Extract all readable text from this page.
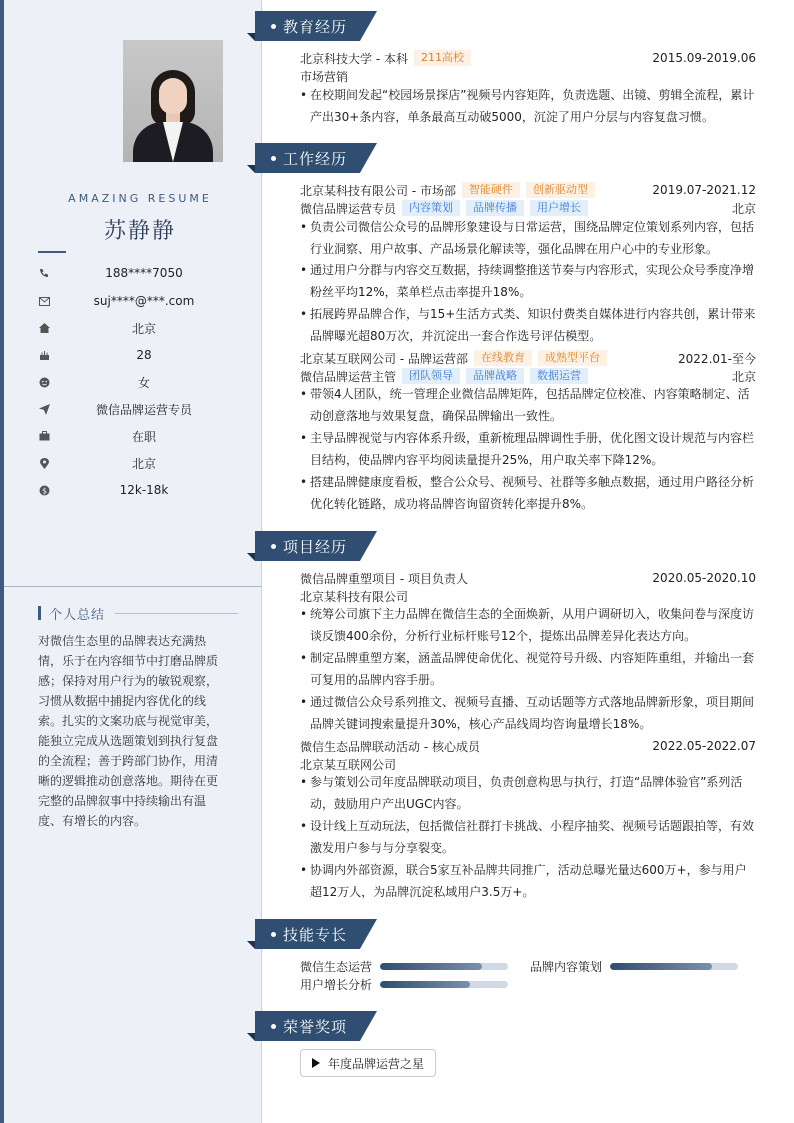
AMAZING RESUME
苏静静
188****7050
suj****@***.com
北京
28
女
微信品牌运营专员
在职
北京
$	12k-18k
个人总结
对微信生态里的品牌表达充满热情，乐于在内容细节中打磨品牌质感；保持对用户行为的敏锐观察，习惯从数据中捕捉内容优化的线索。扎实的文案功底与视觉审美，能独立完成从选题策划到执行复盘的全流程；善于跨部门协作，用清晰的逻辑推动创意落地。期待在更完整的品牌叙事中持续输出有温度、有增长的内容。
教育经历
北京科技大学 - 本科	211高校	2015.09-2019.06
市场营销
• 在校期间发起“校园场景探店”视频号内容矩阵，负责选题、出镜、剪辑全流程，累计产出30+条内容，单条最高互动破5000，沉淀了用户分层与内容复盘习惯。
工作经历
北京某科技有限公司 - 市场部	智能硬件	创新驱动型	2019.07-2021.12
微信品牌运营专员	内容策划	品牌传播	用户增长	北京
• 负责公司微信公众号的品牌形象建设与日常运营，围绕品牌定位策划系列内容，包括行业洞察、用户故事、产品场景化解读等，强化品牌在用户心中的专业形象。
• 通过用户分群与内容交互数据，持续调整推送节奏与内容形式，实现公众号季度净增粉丝平均12%，菜单栏点击率提升18%。
• 拓展跨界品牌合作，与15+生活方式类、知识付费类自媒体进行内容共创，累计带来品牌曝光超80万次，并沉淀出一套合作选号评估模型。
北京某互联网公司 - 品牌运营部	在线教育	成熟型平台	2022.01-至今
微信品牌运营主管	团队领导	品牌战略	数据运营	北京
• 带领4人团队，统一管理企业微信品牌矩阵，包括品牌定位校准、内容策略制定、活动创意落地与效果复盘，确保品牌输出一致性。
• 主导品牌视觉与内容体系升级，重新梳理品牌调性手册，优化图文设计规范与内容栏目结构，使品牌内容平均阅读量提升25%，用户取关率下降12%。
• 搭建品牌健康度看板，整合公众号、视频号、社群等多触点数据，通过用户路径分析优化转化链路，成功将品牌咨询留资转化率提升8%。
项目经历
微信品牌重塑项目 - 项目负责人	2020.05-2020.10
北京某科技有限公司
• 统筹公司旗下主力品牌在微信生态的全面焕新，从用户调研切入，收集问卷与深度访谈反馈400余份，分析行业标杆账号12个，提炼出品牌差异化表达方向。
• 制定品牌重塑方案，涵盖品牌使命优化、视觉符号升级、内容矩阵重组，并输出一套可复用的品牌内容手册。
• 通过微信公众号系列推文、视频号直播、互动话题等方式落地品牌新形象，项目期间品牌关键词搜索量提升30%，核心产品线周均咨询量增长18%。
微信生态品牌联动活动 - 核心成员	2022.05-2022.07
北京某互联网公司
• 参与策划公司年度品牌联动项目，负责创意构思与执行，打造“品牌体验官”系列活动，鼓励用户产出UGC内容。
• 设计线上互动玩法，包括微信社群打卡挑战、小程序抽奖、视频号话题跟拍等，有效激发用户参与与分享裂变。
• 协调内外部资源，联合5家互补品牌共同推广，活动总曝光量达600万+，参与用户超12万人，为品牌沉淀私域用户3.5万+。
技能专长
微信生态运营	品牌内容策划
用户增长分析
荣誉奖项
年度品牌运营之星
